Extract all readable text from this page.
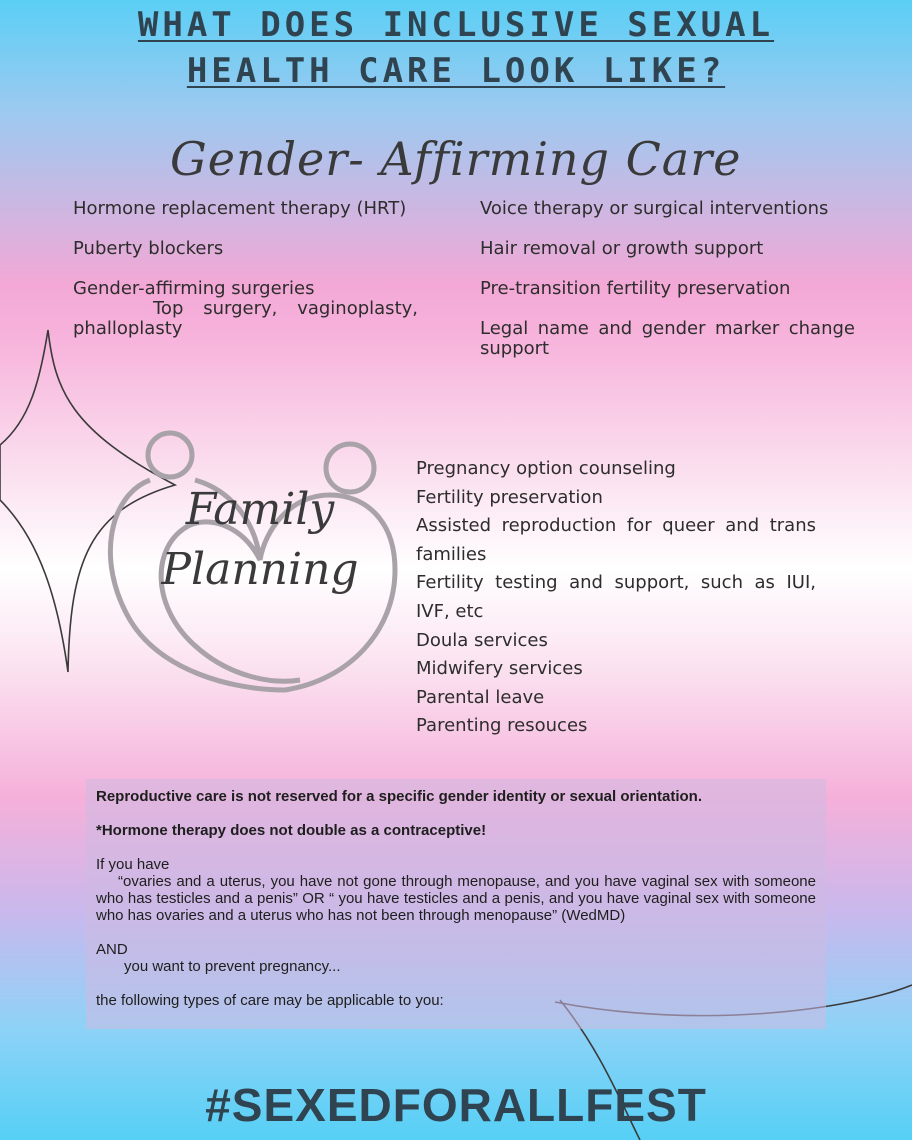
WHAT DOES INCLUSIVE SEXUAL
HEALTH CARE LOOK LIKE?
Gender- Affirming Care
Hormone replacement therapy (HRT)
Puberty blockers
Gender-affirming surgeries
Top surgery, vaginoplasty, phalloplasty
Voice therapy or surgical interventions
Hair removal or growth support
Pre-transition fertility preservation
Legal name and gender marker change support
Family
Planning
Pregnancy option counseling
Fertility preservation
Assisted reproduction for queer and trans families
Fertility testing and support, such as IUI, IVF, etc
Doula services
Midwifery services
Parental leave
Parenting resouces

Reproductive care is not reserved for a specific gender identity or sexual orientation.

*Hormone therapy does not double as a contraceptive!

If you have

“ovaries and a uterus, you have not gone through menopause, and you have vaginal sex with someone who has testicles and a penis” OR “ you have testicles and a penis, and you have vaginal sex with someone who has ovaries and a uterus who has not been through menopause” (WedMD)

AND

you want to prevent pregnancy...

the following types of care may be applicable to you:

#SEXEDFORALLFEST
